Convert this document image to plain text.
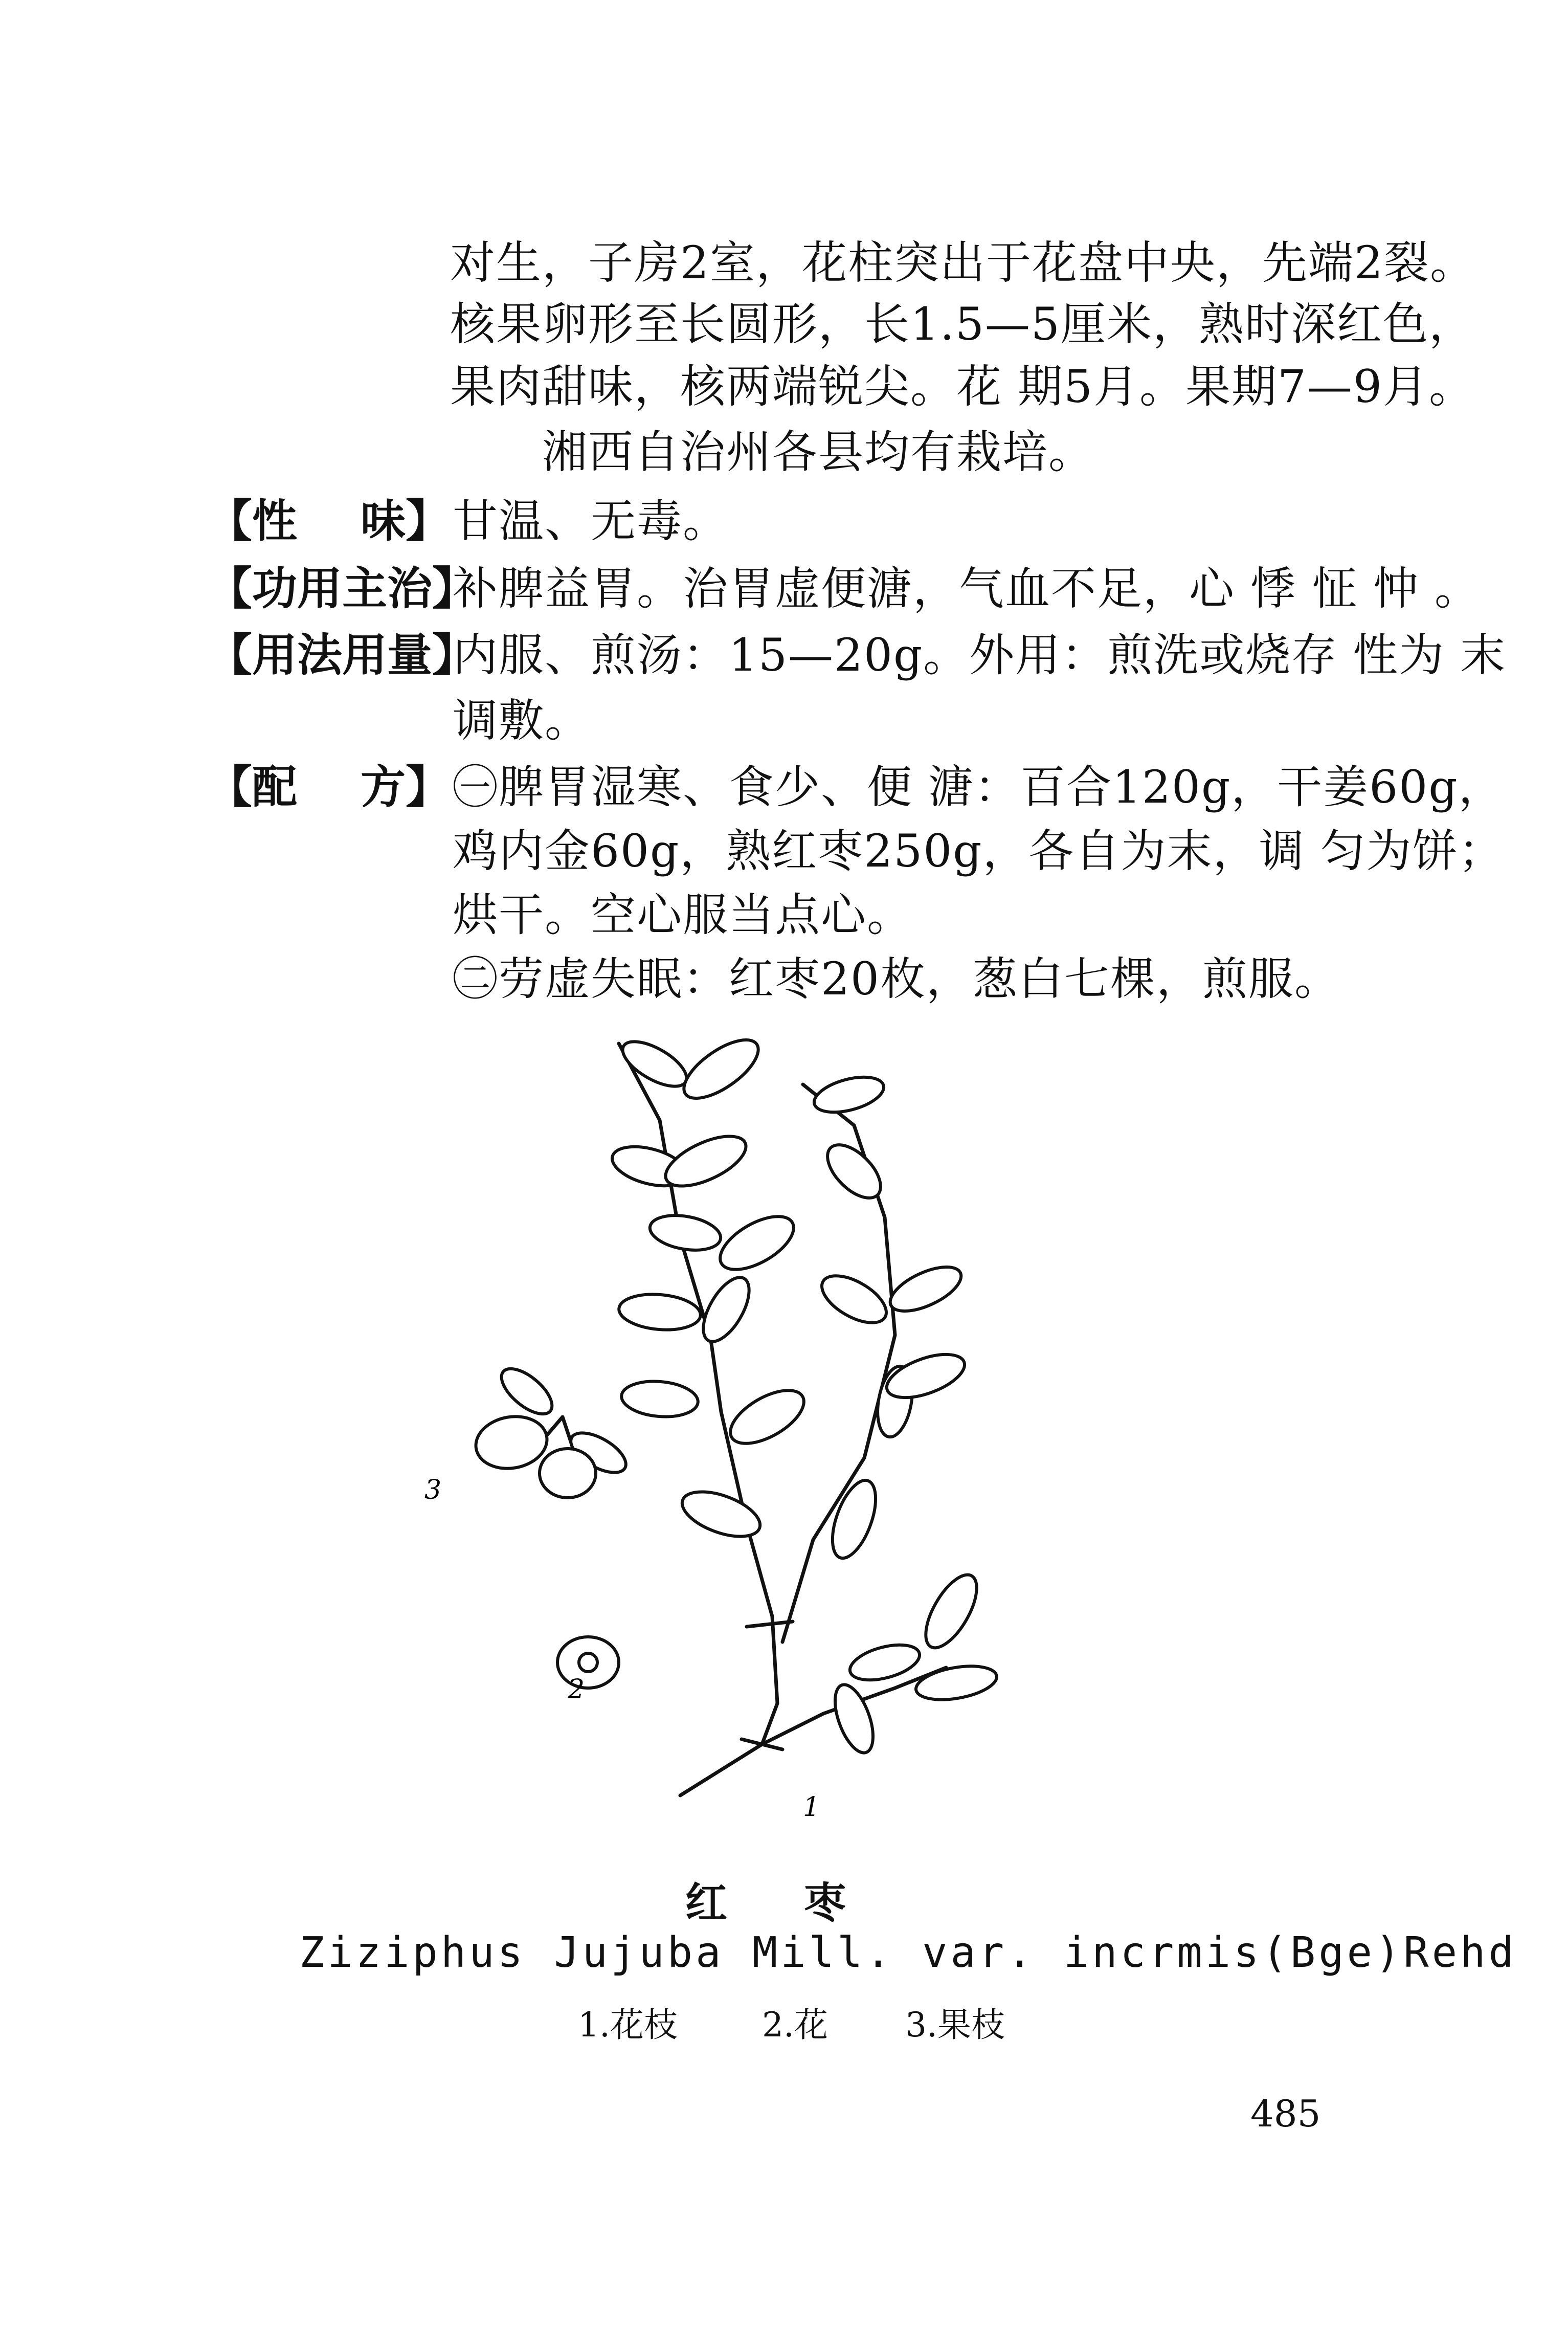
对生，子房2室，花柱突出于花盘中央，先端2裂。
核果卵形至长圆形，长1.5—5厘米，熟时深红色，
果肉甜味，核两端锐尖。花 期5月。果期7—9月。
湘西自治州各县均有栽培。
【性 味】 甘温、无毒。
【功用主治】
补脾益胃。治胃虚便溏，气血不足，心 悸 怔 忡 。
【用法用量】
内服、煎汤：15—20g。外用：煎洗或烧存 性为 末
调敷。
【配 方】 ㊀脾胃湿寒、食少、便 溏：百合120g，干姜60g，
鸡内金60g，熟红枣250g，各自为末，调 匀为饼；
烘干。空心服当点心。
㊁劳虚失眠：红枣20枚，葱白七棵，煎服。
3
2
1
红枣
Ziziphus Jujuba Mill. var. incrmis(Bge)Rehd
1.花枝	2.花 3.果枝
485
